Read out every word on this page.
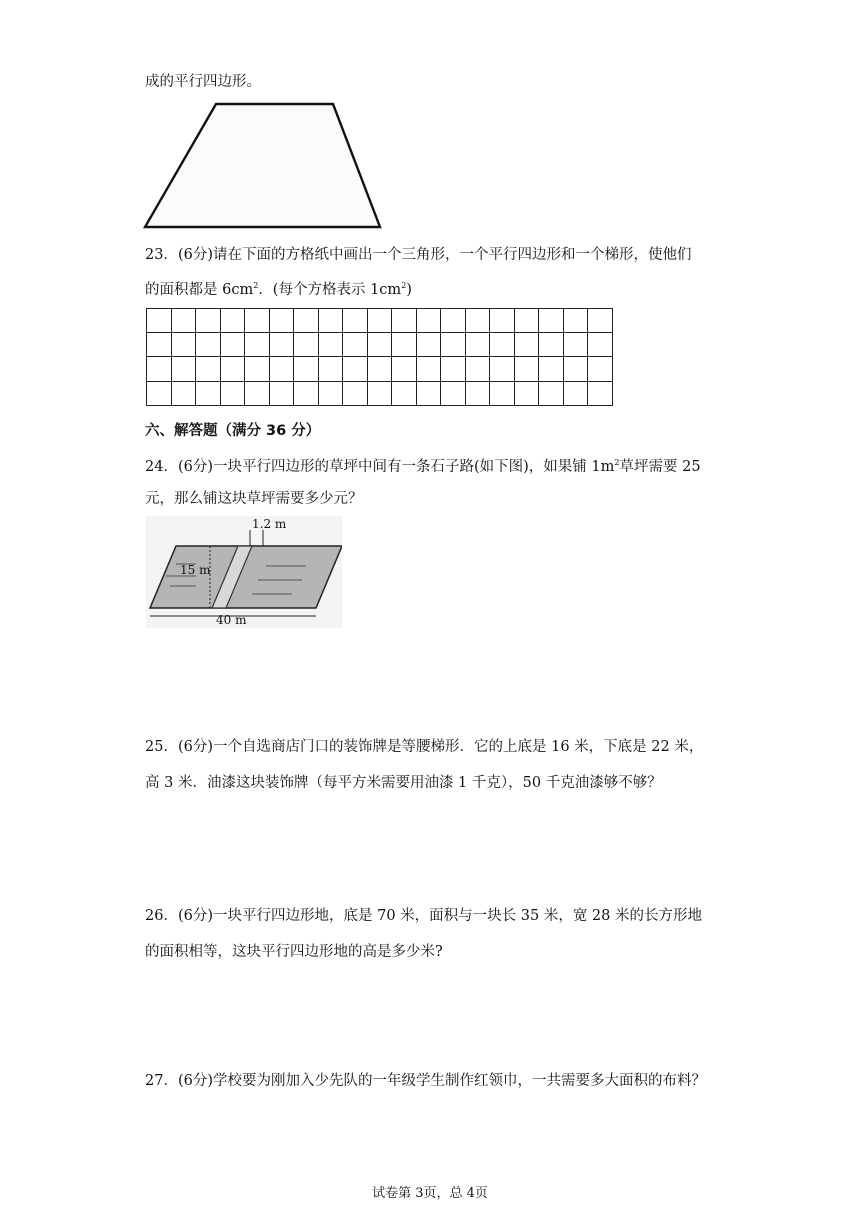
成的平行四边形。
23．(6分)请在下面的方格纸中画出一个三角形，一个平行四边形和一个梯形，使他们
的面积都是 $6cm^2$．(每个方格表示 $1cm^2$)

六、解答题（满分 36 分）
24．(6分)一块平行四边形的草坪中间有一条石子路(如下图)，如果铺 $1m^2$草坪需要 25
元，那么铺这块草坪需要多少元？
1.2 m
15 m
40 m
25．(6分)一个自选商店门口的装饰牌是等腰梯形．它的上底是 16 米，下底是 22 米，
高 3 米．油漆这块装饰牌（每平方米需要用油漆 1 千克），50 千克油漆够不够？
26．(6分)一块平行四边形地，底是 70 米，面积与一块长 35 米，宽 28 米的长方形地
的面积相等，这块平行四边形地的高是多少米?
27．(6分)学校要为刚加入少先队的一年级学生制作红领巾，一共需要多大面积的布料？
试卷第 3页，总 4页
